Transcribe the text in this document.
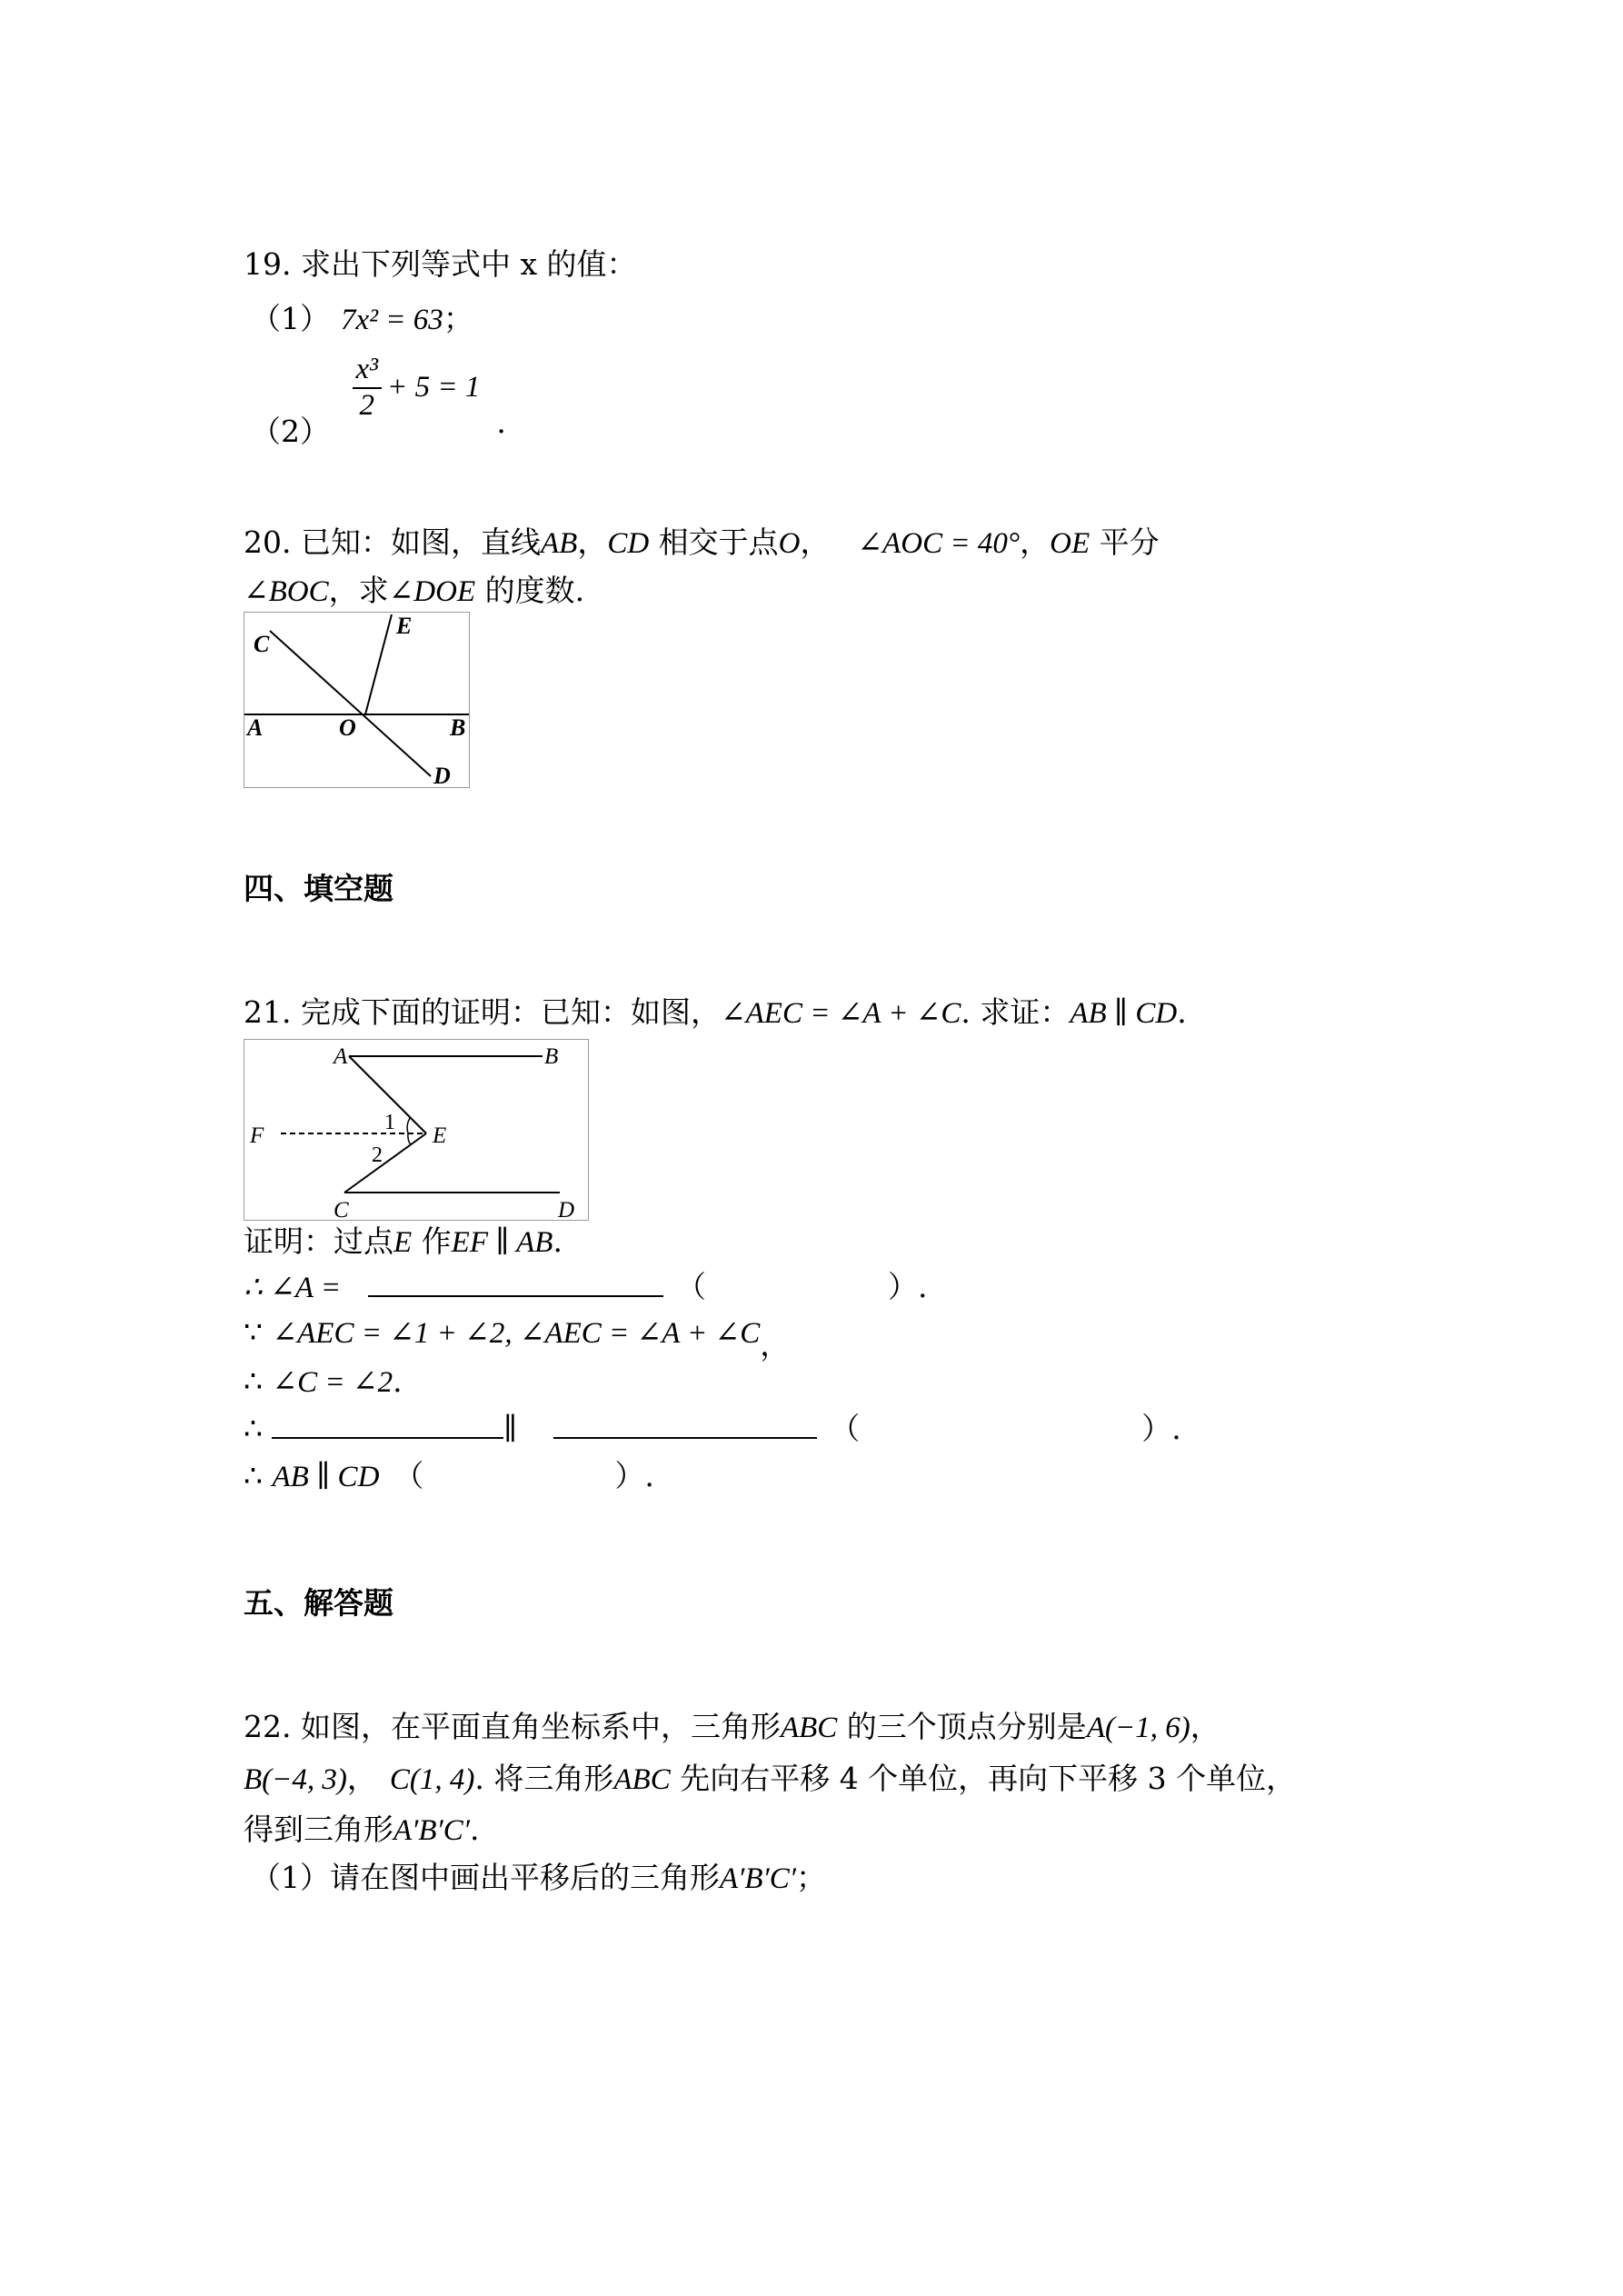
19. 求出下列等式中 x 的值：
（1） 7x² = 63；
（2）
$\frac{\text{x³}}{2} + 5 = 1$.
20. 已知：如图，直线AB，CD 相交于点O， ∠AOC = 40°，OE 平分
∠BOC，求∠DOE 的度数.
C
E
A	O	B
D
四、填空题
21. 完成下面的证明：已知：如图，∠AEC = ∠A + ∠C. 求证：AB ∥ CD.
A	B
F	E
C	D
1
2
证明：过点E 作EF ∥ AB.
∴ ∠A =	（	）.
∵ ∠AEC = ∠1 + ∠2, ∠AEC = ∠A + ∠C，
∴ ∠C = ∠2.
∴	∥	（	）.
∴ AB ∥ CD （	）.
五、解答题
22. 如图，在平面直角坐标系中，三角形ABC 的三个顶点分别是A(−1, 6)，
B(−4, 3)， C(1, 4). 将三角形ABC 先向右平移 4 个单位，再向下平移 3 个单位，
得到三角形A′B′C′.
（1）请在图中画出平移后的三角形A′B′C′；
